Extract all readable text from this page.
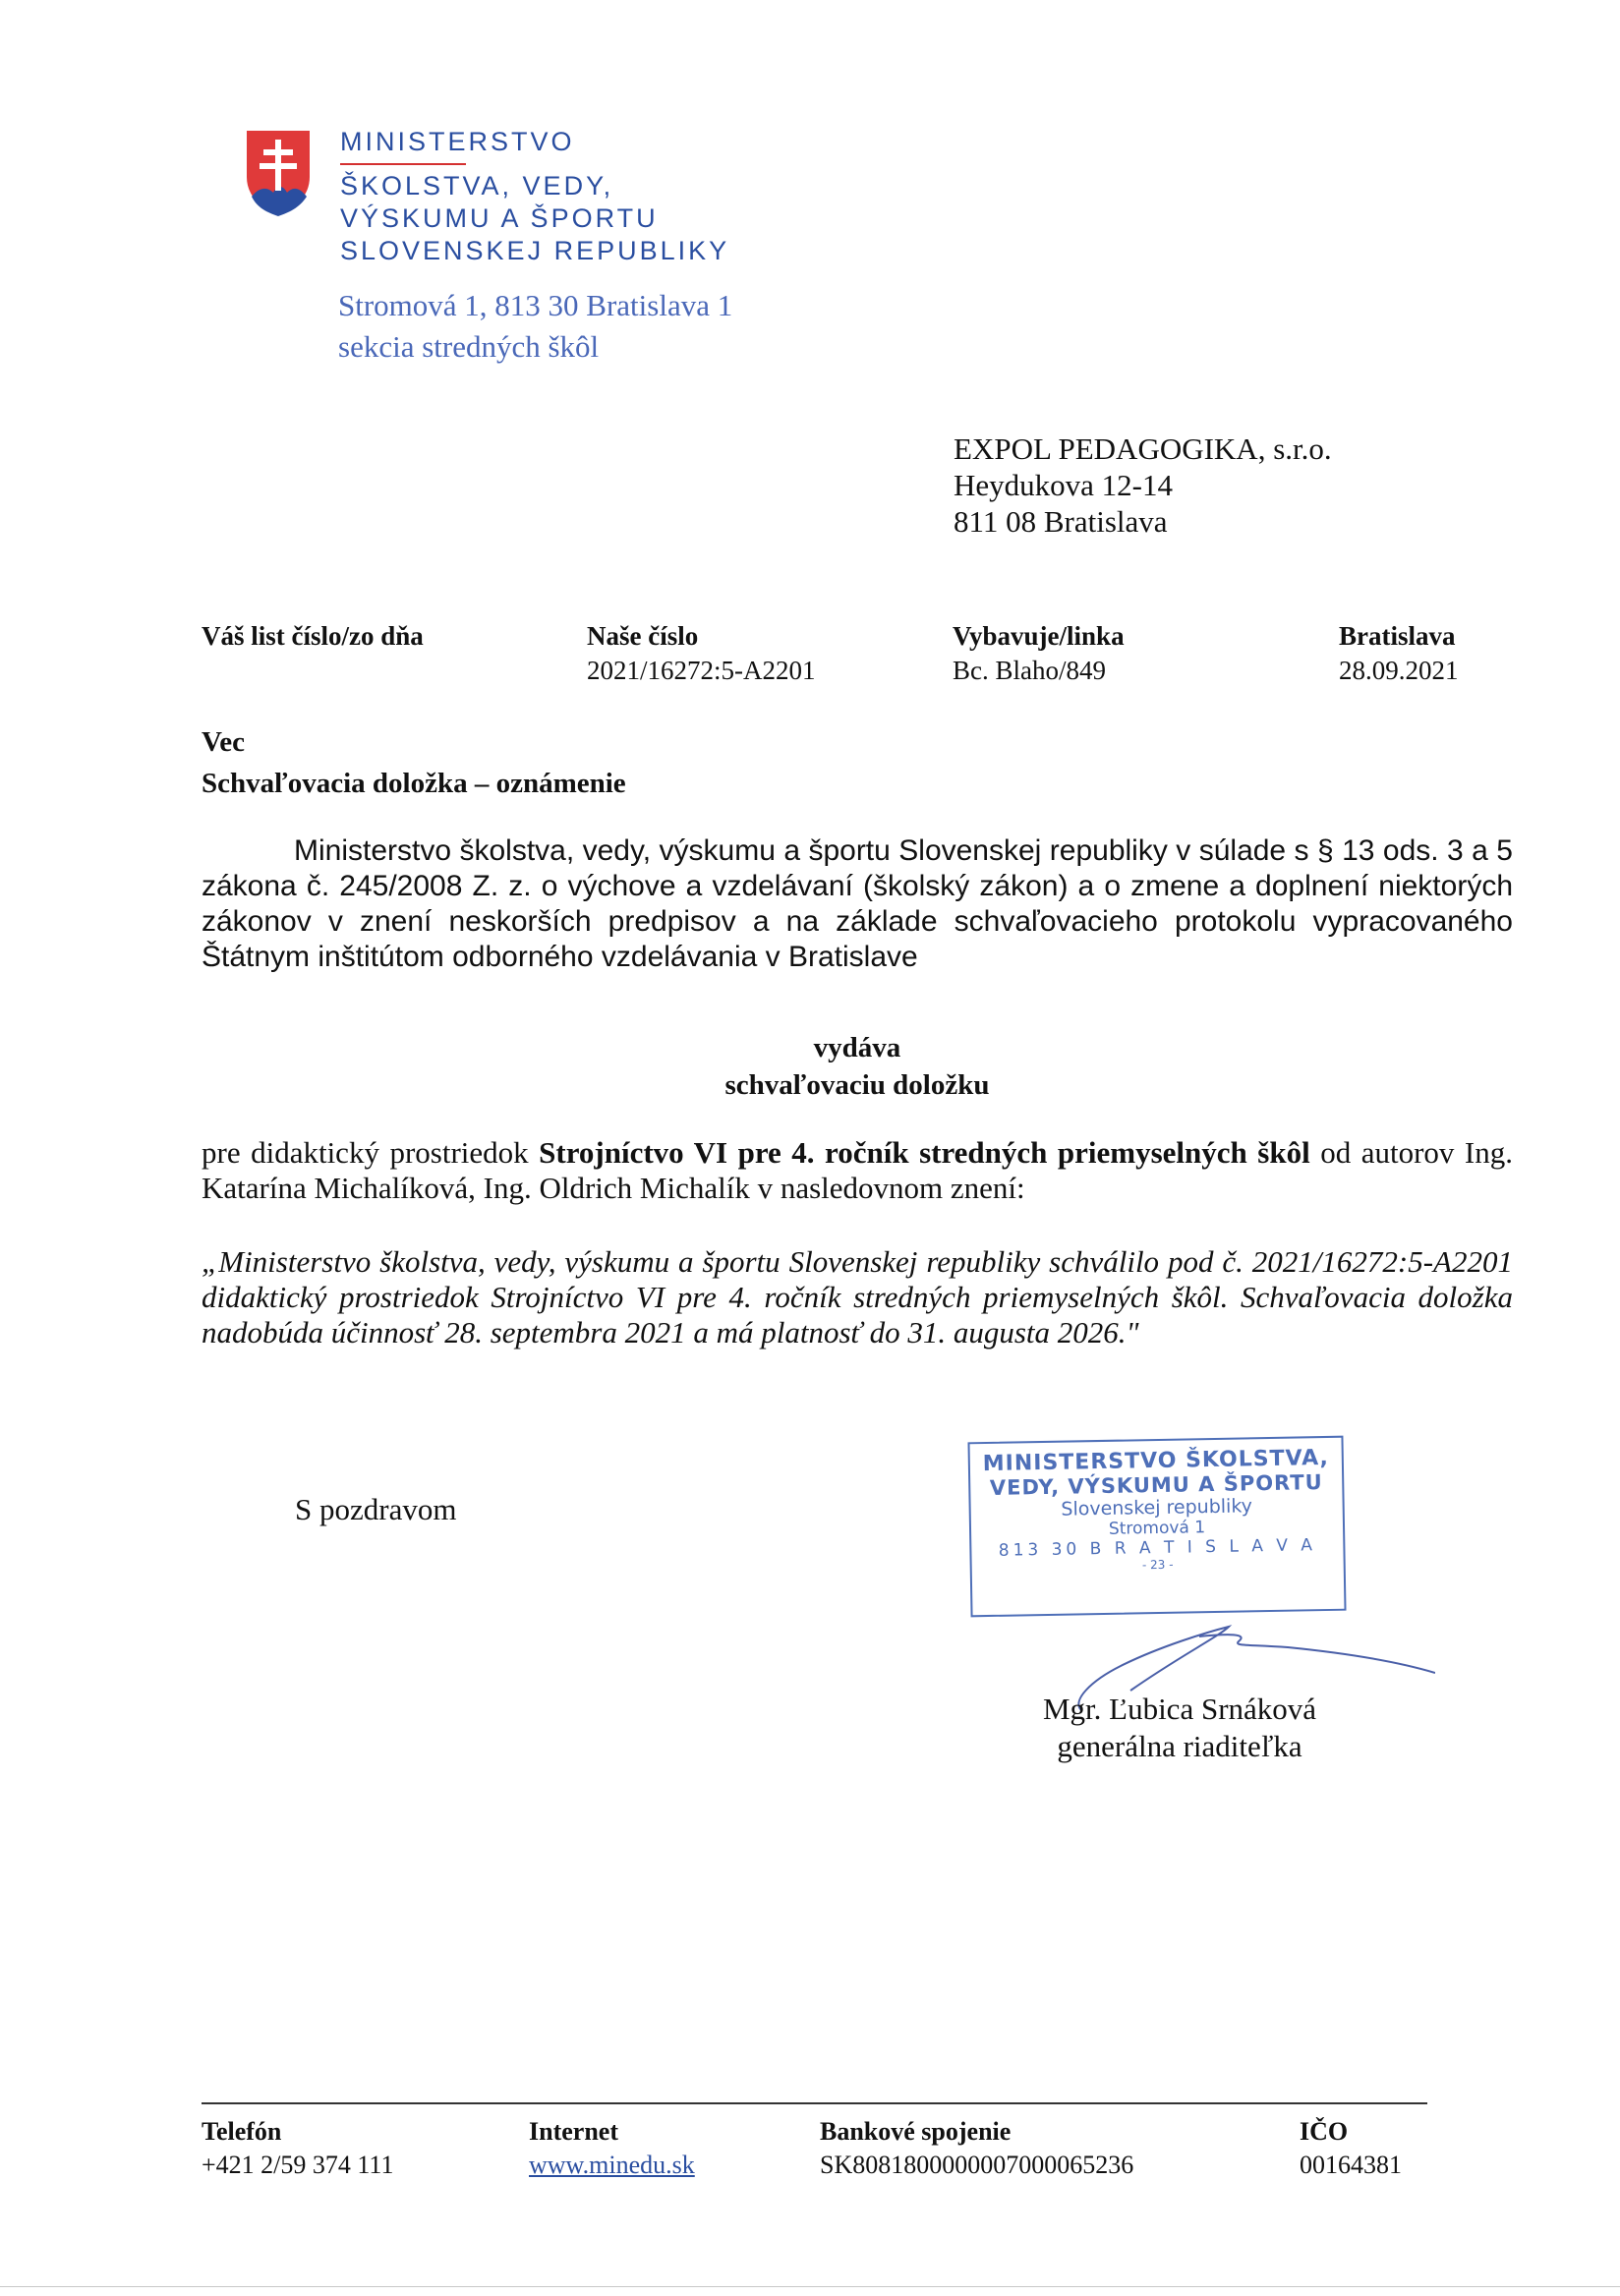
MINISTERSTVO
ŠKOLSTVA, VEDY,
VÝSKUMU A ŠPORTU
SLOVENSKEJ REPUBLIKY
Stromová 1, 813 30 Bratislava 1
sekcia stredných škôl
EXPOL PEDAGOGIKA, s.r.o.
Heydukova 12-14
811 08 Bratislava
Váš list číslo/zo dňa	Naše číslo
2021/16272:5-A2201
Vybavuje/linka
Bc. Blaho/849
Bratislava
28.09.2021
Vec
Schvaľovacia doložka – oznámenie
Ministerstvo školstva, vedy, výskumu a športu Slovenskej republiky v súlade s § 13 ods. 3 a 5 zákona č. 245/2008 Z. z. o výchove a vzdelávaní (školský zákon) a o zmene a doplnení niektorých zákonov v znení neskorších predpisov a na základe schvaľovacieho protokolu vypracovaného Štátnym inštitútom odborného vzdelávania v Bratislave
vydáva
schvaľovaciu doložku
pre didaktický prostriedok Strojníctvo VI pre 4. ročník stredných priemyselných škôl od autorov Ing. Katarína Michalíková, Ing. Oldrich Michalík v nasledovnom znení:
„Ministerstvo školstva, vedy, výskumu a športu Slovenskej republiky schválilo pod č. 2021/16272:5-A2201 didaktický prostriedok Strojníctvo VI pre 4. ročník stredných priemyselných škôl. Schvaľovacia doložka nadobúda účinnosť 28. septembra 2021 a má platnosť do 31. augusta 2026."
S pozdravom
MINISTERSTVO ŠKOLSTVA,
VEDY, VÝSKUMU A ŠPORTU
Slovenskej republiky
Stromová 1
813 30 B R A T I S L A V A
- 23 -
Mgr. Ľubica Srnáková
generálna riaditeľka
Telefón
+421 2/59 374 111
Internet
www.minedu.sk
Bankové spojenie
SK8081800000007000065236
IČO
00164381
